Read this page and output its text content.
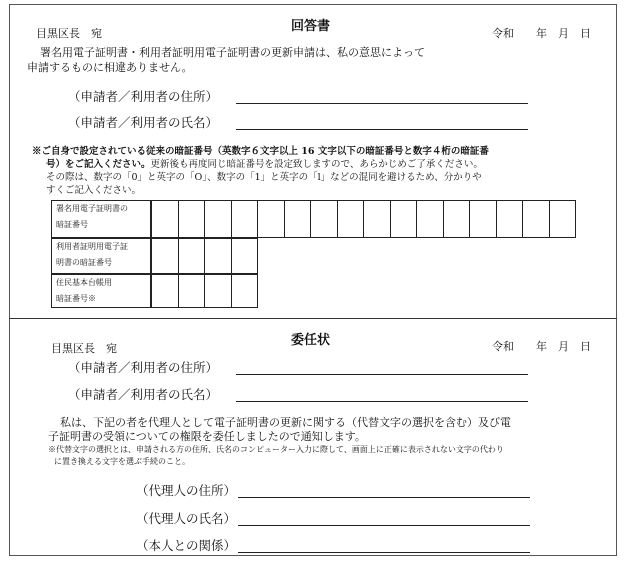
回答書
目黒区長　宛	令和　　年　月　日
署名用電子証明書・利用者証明用電子証明書の更新申請は、私の意思によって
申請するものに相違ありません。
（申請者／利用者の住所）
（申請者／利用者の氏名）
※ご自身で設定されている従来の暗証番号（英数字６文字以上 16 文字以下の暗証番号と数字４桁の暗証番
号）をご記入ください。更新後も再度同じ暗証番号を設定致しますので、あらかじめご了承ください。
その際は、数字の「0」と英字の「O」、数字の「1」と英字の「l」などの混同を避けるため、分かりや
すくご記入ください。
署名用電子証明書の
暗証番号
利用者証明用電子証
明書の暗証番号
住民基本台帳用
暗証番号※
委任状
目黒区長　宛	令和　　年　月　日
（申請者／利用者の住所）
（申請者／利用者の氏名）
私は、下記の者を代理人として電子証明書の更新に関する（代替文字の選択を含む）及び電
子証明書の受領についての権限を委任しましたので通知します。
※代替文字の選択とは、申請される方の住所、氏名のコンピューター入力に際して、画面上に正確に表示されない文字の代わり
に置き換える文字を選ぶ手続のこと。
（代理人の住所）
（代理人の氏名）
（本人との関係）
